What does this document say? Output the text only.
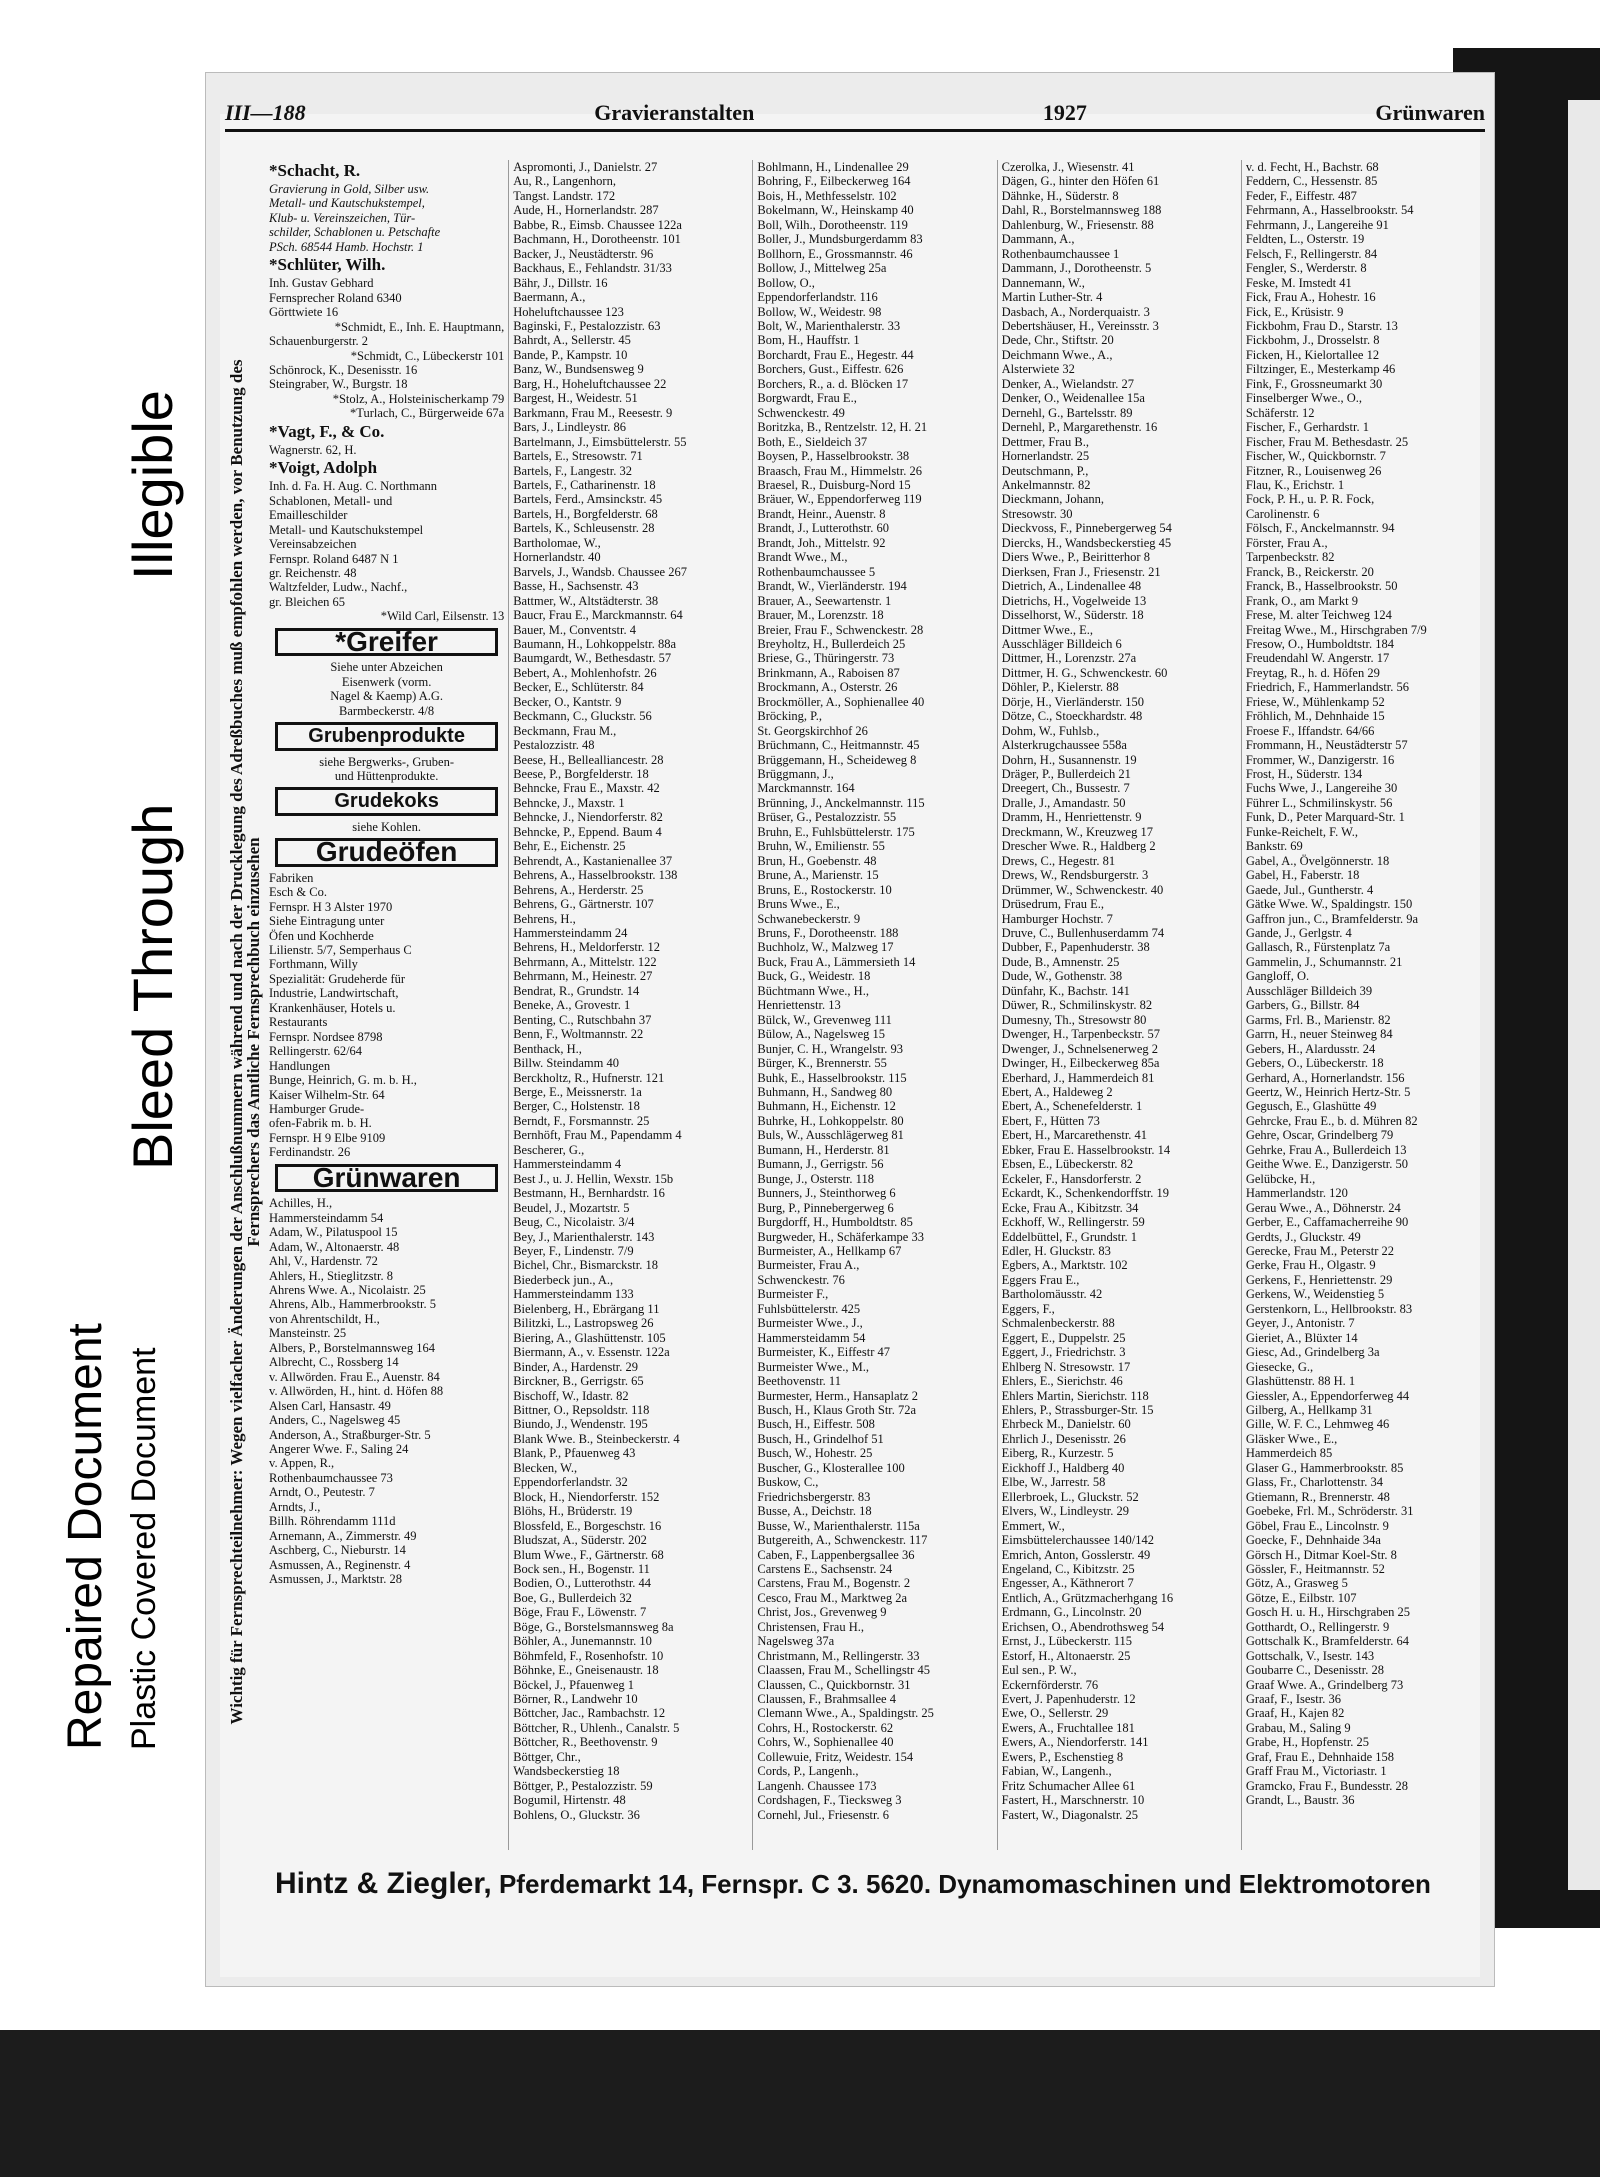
Repaired Document Plastic Covered Document
Bleed Through
Illegible
III—188	Gravieranstalten	1927	Grünwaren
Wichtig für Fernsprechteilnehmer: Wegen vielfacher Änderungen der Anschlußnummern während und nach der Drucklegung des Adreßbuches muß empfohlen werden, vor Benutzung des Fernsprechers das Amtliche Fernsprechbuch einzusehen
*Schacht, R.
Gravierung in Gold, Silber usw.
Metall- und Kautschukstempel,
Klub- u. Vereinszeichen, Tür-
schilder, Schablonen u. Petschafte
PSch. 68544 Hamb. Hochstr. 1
*Schlüter, Wilh.
Inh. Gustav Gebhard
Fernsprecher Roland 6340
Görttwiete 16
*Schmidt, E., Inh. E. Hauptmann,
Schauenburgerstr. 2
*Schmidt, C., Lübeckerstr 101
Schönrock, K., Desenisstr. 16
Steingraber, W., Burgstr. 18
*Stolz, A., Holsteinischerkamp 79
*Turlach, C., Bürgerweide 67a
*Vagt, F., & Co.
Wagnerstr. 62, H.
*Voigt, Adolph
Inh. d. Fa. H. Aug. C. Northmann
Schablonen, Metall- und
Emailleschilder
Metall- und Kautschukstempel
Vereinsabzeichen
Fernspr. Roland 6487 N 1
gr. Reichenstr. 48
Waltzfelder, Ludw., Nachf.,
gr. Bleichen 65
*Wild Carl, Eilsenstr. 13
*Greifer
Siehe unter Abzeichen
Eisenwerk (vorm.
Nagel & Kaemp) A.G.
Barmbeckerstr. 4/8
Grubenprodukte
siehe Bergwerks-, Gruben-
und Hüttenprodukte.
Grudekoks
siehe Kohlen.
Grudeöfen
Fabriken
Esch & Co.
Fernspr. H 3 Alster 1970
Siehe Eintragung unter
Öfen und Kochherde
Lilienstr. 5/7, Semperhaus C
Forthmann, Willy
Spezialität: Grudeherde für
Industrie, Landwirtschaft,
Krankenhäuser, Hotels u.
Restaurants
Fernspr. Nordsee 8798
Rellingerstr. 62/64
Handlungen
Bunge, Heinrich, G. m. b. H.,
Kaiser Wilhelm-Str. 64
Hamburger Grude-
ofen-Fabrik m. b. H.
Fernspr. H 9 Elbe 9109
Ferdinandstr. 26
Grünwaren
Achilles, H.,
Hammersteindamm 54
Adam, W., Pilatuspool 15
Adam, W., Altonaerstr. 48
Ahl, V., Hardenstr. 72
Ahlers, H., Stieglitzstr. 8
Ahrens Wwe. A., Nicolaistr. 25
Ahrens, Alb., Hammerbrookstr. 5
von Ahrentschildt, H.,
Mansteinstr. 25
Albers, P., Borstelmannsweg 164
Albrecht, C., Rossberg 14
v. Allwörden. Frau E., Auenstr. 84
v. Allwörden, H., hint. d. Höfen 88
Alsen Carl, Hansastr. 49
Anders, C., Nagelsweg 45
Anderson, A., Straßburger-Str. 5
Angerer Wwe. F., Saling 24
v. Appen, R.,
Rothenbaumchaussee 73
Arndt, O., Peutestr. 7
Arndts, J.,
Billh. Röhrendamm 111d
Arnemann, A., Zimmerstr. 49
Aschberg, C., Nieburstr. 14
Asmussen, A., Reginenstr. 4
Asmussen, J., Marktstr. 28
Aspromonti, J., Danielstr. 27
Au, R., Langenhorn,
Tangst. Landstr. 172
Aude, H., Hornerlandstr. 287
Babbe, R., Eimsb. Chaussee 122a
Bachmann, H., Dorotheenstr. 101
Backer, J., Neustädterstr. 96
Backhaus, E., Fehlandstr. 31/33
Bähr, J., Dillstr. 16
Baermann, A.,
Hoheluftchaussee 123
Baginski, F., Pestalozzistr. 63
Bahrdt, A., Sellerstr. 45
Bande, P., Kampstr. 10
Banz, W., Bundsensweg 9
Barg, H., Hoheluftchaussee 22
Bargest, H., Weidestr. 51
Barkmann, Frau M., Reesestr. 9
Bars, J., Lindleystr. 86
Bartelmann, J., Eimsbüttelerstr. 55
Bartels, E., Stresowstr. 71
Bartels, F., Langestr. 32
Bartels, F., Catharinenstr. 18
Bartels, Ferd., Amsinckstr. 45
Bartels, H., Borgfelderstr. 68
Bartels, K., Schleusenstr. 28
Bartholomae, W.,
Hornerlandstr. 40
Barvels, J., Wandsb. Chaussee 267
Basse, H., Sachsenstr. 43
Battmer, W., Altstädterstr. 38
Baucr, Frau E., Marckmannstr. 64
Bauer, M., Conventstr. 4
Baumann, H., Lohkoppelstr. 88a
Baumgardt, W., Bethesdastr. 57
Bebert, A., Mohlenhofstr. 26
Becker, E., Schlüterstr. 84
Becker, O., Kantstr. 9
Beckmann, C., Gluckstr. 56
Beckmann, Frau M.,
Pestalozzistr. 48
Beese, H., Bellealliancestr. 28
Beese, P., Borgfelderstr. 18
Behncke, Frau E., Maxstr. 42
Behncke, J., Maxstr. 1
Behncke, J., Niendorferstr. 82
Behncke, P., Eppend. Baum 4
Behr, E., Eichenstr. 25
Behrendt, A., Kastanienallee 37
Behrens, A., Hasselbrookstr. 138
Behrens, A., Herderstr. 25
Behrens, G., Gärtnerstr. 107
Behrens, H.,
Hammersteindamm 24
Behrens, H., Meldorferstr. 12
Behrmann, A., Mittelstr. 122
Behrmann, M., Heinestr. 27
Bendrat, R., Grundstr. 14
Beneke, A., Grovestr. 1
Benting, C., Rutschbahn 37
Benn, F., Woltmannstr. 22
Benthack, H.,
Billw. Steindamm 40
Berckholtz, R., Hufnerstr. 121
Berge, E., Meissnerstr. 1a
Berger, C., Holstenstr. 18
Berndt, F., Forsmannstr. 25
Bernhöft, Frau M., Papendamm 4
Bescherer, G.,
Hammersteindamm 4
Best J., u. J. Hellin, Wexstr. 15b
Bestmann, H., Bernhardstr. 16
Beudel, J., Mozartstr. 5
Beug, C., Nicolaistr. 3/4
Bey, J., Marienthalerstr. 143
Beyer, F., Lindenstr. 7/9
Bichel, Chr., Bismarckstr. 18
Biederbeck jun., A.,
Hammersteindamm 133
Bielenberg, H., Ebrärgang 11
Bilitzki, L., Lastropsweg 26
Biering, A., Glashüttenstr. 105
Biermann, A., v. Essenstr. 122a
Binder, A., Hardenstr. 29
Birckner, B., Gerrigstr. 65
Bischoff, W., Idastr. 82
Bittner, O., Repsoldstr. 118
Biundo, J., Wendenstr. 195
Blank Wwe. B., Steinbeckerstr. 4
Blank, P., Pfauenweg 43
Blecken, W.,
Eppendorferlandstr. 32
Block, H., Niendorferstr. 152
Blöhs, H., Brüderstr. 19
Blossfeld, E., Borgeschstr. 16
Bludszat, A., Süderstr. 202
Blum Wwe., F., Gärtnerstr. 68
Bock sen., H., Bogenstr. 11
Bodien, O., Lutterothstr. 44
Boe, G., Bullerdeich 32
Böge, Frau F., Löwenstr. 7
Böge, G., Borstelsmannsweg 8a
Böhler, A., Junemannstr. 10
Böhmfeld, F., Rosenhofstr. 10
Böhnke, E., Gneisenaustr. 18
Böckel, J., Pfauenweg 1
Börner, R., Landwehr 10
Böttcher, Jac., Rambachstr. 12
Böttcher, R., Uhlenh., Canalstr. 5
Böttcher, R., Beethovenstr. 9
Böttger, Chr.,
Wandsbeckerstieg 18
Böttger, P., Pestalozzistr. 59
Bogumil, Hirtenstr. 48
Bohlens, O., Gluckstr. 36
Bohlmann, H., Lindenallee 29
Bohring, F., Eilbeckerweg 164
Bois, H., Methfesselstr. 102
Bokelmann, W., Heinskamp 40
Boll, Wilh., Dorotheenstr. 119
Boller, J., Mundsburgerdamm 83
Bollhorn, E., Grossmannstr. 46
Bollow, J., Mittelweg 25a
Bollow, O.,
Eppendorferlandstr. 116
Bollow, W., Weidestr. 98
Bolt, W., Marienthalerstr. 33
Bom, H., Hauffstr. 1
Borchardt, Frau E., Hegestr. 44
Borchers, Gust., Eiffestr. 626
Borchers, R., a. d. Blöcken 17
Borgwardt, Frau E.,
Schwenckestr. 49
Boritzka, B., Rentzelstr. 12, H. 21
Both, E., Sieldeich 37
Boysen, P., Hasselbrookstr. 38
Braasch, Frau M., Himmelstr. 26
Braesel, R., Duisburg-Nord 15
Bräuer, W., Eppendorferweg 119
Brandt, Heinr., Auenstr. 8
Brandt, J., Lutterothstr. 60
Brandt, Joh., Mittelstr. 92
Brandt Wwe., M.,
Rothenbaumchaussee 5
Brandt, W., Vierländerstr. 194
Brauer, A., Seewartenstr. 1
Brauer, M., Lorenzstr. 18
Breier, Frau F., Schwenckestr. 28
Breyholtz, H., Bullerdeich 25
Briese, G., Thüringerstr. 73
Brinkmann, A., Raboisen 87
Brockmann, A., Osterstr. 26
Brockmöller, A., Sophienallee 40
Bröcking, P.,
St. Georgskirchhof 26
Brüchmann, C., Heitmannstr. 45
Brüggemann, H., Scheideweg 8
Brüggmann, J.,
Marckmannstr. 164
Brünning, J., Anckelmannstr. 115
Brüser, G., Pestalozzistr. 55
Bruhn, E., Fuhlsbüttelerstr. 175
Bruhn, W., Emilienstr. 55
Brun, H., Goebenstr. 48
Brune, A., Marienstr. 15
Bruns, E., Rostockerstr. 10
Bruns Wwe., E.,
Schwanebeckerstr. 9
Bruns, F., Dorotheenstr. 188
Buchholz, W., Malzweg 17
Buck, Frau A., Lämmersieth 14
Buck, G., Weidestr. 18
Büchtmann Wwe., H.,
Henriettenstr. 13
Bülck, W., Grevenweg 111
Bülow, A., Nagelsweg 15
Bunjer, C. H., Wrangelstr. 93
Bürger, K., Brennerstr. 55
Buhk, E., Hasselbrookstr. 115
Buhmann, H., Sandweg 80
Buhmann, H., Eichenstr. 12
Buhrke, H., Lohkoppelstr. 80
Buls, W., Ausschlägerweg 81
Bumann, H., Herderstr. 81
Bumann, J., Gerrigstr. 56
Bunge, J., Osterstr. 118
Bunners, J., Steinthorweg 6
Burg, P., Pinnebergerweg 6
Burgdorff, H., Humboldtstr. 85
Burgweder, H., Schäferkampe 33
Burmeister, A., Hellkamp 67
Burmeister, Frau A.,
Schwenckestr. 76
Burmeister F.,
Fuhlsbüttelerstr. 425
Burmeister Wwe., J.,
Hammersteidamm 54
Burmeister, K., Eiffestr 47
Burmeister Wwe., M.,
Beethovenstr. 11
Burmester, Herm., Hansaplatz 2
Busch, H., Klaus Groth Str. 72a
Busch, H., Eiffestr. 508
Busch, H., Grindelhof 51
Busch, W., Hohestr. 25
Buscher, G., Klosterallee 100
Buskow, C.,
Friedrichsbergerstr. 83
Busse, A., Deichstr. 18
Busse, W., Marienthalerstr. 115a
Butgereith, A., Schwenckestr. 117
Caben, F., Lappenbergsallee 36
Carstens E., Sachsenstr. 24
Carstens, Frau M., Bogenstr. 2
Cesco, Frau M., Marktweg 2a
Christ, Jos., Grevenweg 9
Christensen, Frau H.,
Nagelsweg 37a
Christmann, M., Rellingerstr. 33
Claassen, Frau M., Schellingstr 45
Claussen, C., Quickbornstr. 31
Claussen, F., Brahmsallee 4
Clemann Wwe., A., Spaldingstr. 25
Cohrs, H., Rostockerstr. 62
Cohrs, W., Sophienallee 40
Collewuie, Fritz, Weidestr. 154
Cords, P., Langenh.,
Langenh. Chaussee 173
Cordshagen, F., Tiecksweg 3
Cornehl, Jul., Friesenstr. 6
Czerolka, J., Wiesenstr. 41
Dägen, G., hinter den Höfen 61
Dähnke, H., Süderstr. 8
Dahl, R., Borstelmannsweg 188
Dahlenburg, W., Friesenstr. 88
Dammann, A.,
Rothenbaumchaussee 1
Dammann, J., Dorotheenstr. 5
Dannemann, W.,
Martin Luther-Str. 4
Dasbach, A., Norderquaistr. 3
Debertshäuser, H., Vereinsstr. 3
Dede, Chr., Stiftstr. 20
Deichmann Wwe., A.,
Alsterwiete 32
Denker, A., Wielandstr. 27
Denker, O., Weidenallee 15a
Dernehl, G., Bartelsstr. 89
Dernehl, P., Margarethenstr. 16
Dettmer, Frau B.,
Hornerlandstr. 25
Deutschmann, P.,
Ankelmannstr. 82
Dieckmann, Johann,
Stresowstr. 30
Dieckvoss, F., Pinnebergerweg 54
Diercks, H., Wandsbeckerstieg 45
Diers Wwe., P., Beiritterhor 8
Dierksen, Fran J., Friesenstr. 21
Dietrich, A., Lindenallee 48
Dietrichs, H., Vogelweide 13
Disselhorst, W., Süderstr. 18
Dittmer Wwe., E.,
Ausschläger Billdeich 6
Dittmer, H., Lorenzstr. 27a
Dittmer, H. G., Schwenckestr. 60
Döhler, P., Kielerstr. 88
Dörje, H., Vierländerstr. 150
Dötze, C., Stoeckhardstr. 48
Dohm, W., Fuhlsb.,
Alsterkrugchaussee 558a
Dohrn, H., Susannenstr. 19
Dräger, P., Bullerdeich 21
Dreegert, Ch., Bussestr. 7
Dralle, J., Amandastr. 50
Dramm, H., Henriettenstr. 9
Dreckmann, W., Kreuzweg 17
Drescher Wwe. R., Haldberg 2
Drews, C., Hegestr. 81
Drews, W., Rendsburgerstr. 3
Drümmer, W., Schwenckestr. 40
Drüsedrum, Frau E.,
Hamburger Hochstr. 7
Druve, C., Bullenhuserdamm 74
Dubber, F., Papenhuderstr. 38
Dude, B., Amnenstr. 25
Dude, W., Gothenstr. 38
Dünfahr, K., Bachstr. 141
Düwer, R., Schmilinskystr. 82
Dumesny, Th., Stresowstr 80
Dwenger, H., Tarpenbeckstr. 57
Dwenger, J., Schnelsenerweg 2
Dwinger, H., Eilbeckerweg 85a
Eberhard, J., Hammerdeich 81
Ebert, A., Haldeweg 2
Ebert, A., Schenefelderstr. 1
Ebert, F., Hütten 73
Ebert, H., Marcarethenstr. 41
Ebker, Frau E. Hasselbrookstr. 14
Ebsen, E., Lübeckerstr. 82
Eckeler, F., Hansdorferstr. 2
Eckardt, K., Schenkendorffstr. 19
Ecke, Frau A., Kibitzstr. 34
Eckhoff, W., Rellingerstr. 59
Eddelbüttel, F., Grundstr. 1
Edler, H. Gluckstr. 83
Egbers, A., Marktstr. 102
Eggers Frau E.,
Bartholomäusstr. 42
Eggers, F.,
Schmalenbeckerstr. 88
Eggert, E., Duppelstr. 25
Eggert, J., Friedrichstr. 3
Ehlberg N. Stresowstr. 17
Ehlers, E., Sierichstr. 46
Ehlers Martin, Sierichstr. 118
Ehlers, P., Strassburger-Str. 15
Ehrbeck M., Danielstr. 60
Ehrlich J., Desenisstr. 26
Eiberg, R., Kurzestr. 5
Eickhoff J., Haldberg 40
Elbe, W., Jarrestr. 58
Ellerbroek, L., Gluckstr. 52
Elvers, W., Lindleystr. 29
Emmert, W.,
Eimsbüttelerchaussee 140/142
Emrich, Anton, Gosslerstr. 49
Engeland, C., Kibitzstr. 25
Engesser, A., Käthnerort 7
Entlich, A., Grützmacherhgang 16
Erdmann, G., Lincolnstr. 20
Erichsen, O., Abendrothsweg 54
Ernst, J., Lübeckerstr. 115
Estorf, H., Altonaerstr. 25
Eul sen., P. W.,
Eckernförderstr. 76
Evert, J. Papenhuderstr. 12
Ewe, O., Sellerstr. 29
Ewers, A., Fruchtallee 181
Ewers, A., Niendorferstr. 141
Ewers, P., Eschenstieg 8
Fabian, W., Langenh.,
Fritz Schumacher Allee 61
Fastert, H., Marschnerstr. 10
Fastert, W., Diagonalstr. 25
v. d. Fecht, H., Bachstr. 68
Feddern, C., Hessenstr. 85
Feder, F., Eiffestr. 487
Fehrmann, A., Hasselbrookstr. 54
Fehrmann, J., Langereihe 91
Feldten, L., Osterstr. 19
Felsch, F., Rellingerstr. 84
Fengler, S., Werderstr. 8
Feske, M. Imstedt 41
Fick, Frau A., Hohestr. 16
Fick, E., Krüsistr. 9
Fickbohm, Frau D., Starstr. 13
Fickbohm, J., Drosselstr. 8
Ficken, H., Kielortallee 12
Filtzinger, E., Mesterkamp 46
Fink, F., Grossneumarkt 30
Finselberger Wwe., O.,
Schäferstr. 12
Fischer, F., Gerhardstr. 1
Fischer, Frau M. Bethesdastr. 25
Fischer, W., Quickbornstr. 7
Fitzner, R., Louisenweg 26
Flau, K., Erichstr. 1
Fock, P. H., u. P. R. Fock,
Carolinenstr. 6
Fölsch, F., Anckelmannstr. 94
Förster, Frau A.,
Tarpenbeckstr. 82
Franck, B., Reickerstr. 20
Franck, B., Hasselbrookstr. 50
Frank, O., am Markt 9
Frese, M. alter Teichweg 124
Freitag Wwe., M., Hirschgraben 7/9
Fresow, O., Humboldtstr. 184
Freudendahl W. Angerstr. 17
Freytag, R., h. d. Höfen 29
Friedrich, F., Hammerlandstr. 56
Friese, W., Mühlenkamp 52
Fröhlich, M., Dehnhaide 15
Froese F., Iffandstr. 64/66
Frommann, H., Neustädterstr 57
Frommer, W., Danzigerstr. 16
Frost, H., Süderstr. 134
Fuchs Wwe, J., Langereihe 30
Führer L., Schmilinskystr. 56
Funk, D., Peter Marquard-Str. 1
Funke-Reichelt, F. W.,
Bankstr. 69
Gabel, A., Övelgönnerstr. 18
Gabel, H., Faberstr. 18
Gaede, Jul., Guntherstr. 4
Gätke Wwe. W., Spaldingstr. 150
Gaffron jun., C., Bramfelderstr. 9a
Gande, J., Gerlgstr. 4
Gallasch, R., Fürstenplatz 7a
Gammelin, J., Schumannstr. 21
Gangloff, O.
Ausschläger Billdeich 39
Garbers, G., Billstr. 84
Garms, Frl. B., Marienstr. 82
Garrn, H., neuer Steinweg 84
Gebers, H., Alardusstr. 24
Gebers, O., Lübeckerstr. 18
Gerhard, A., Hornerlandstr. 156
Geertz, W., Heinrich Hertz-Str. 5
Gegusch, E., Glashütte 49
Gehrcke, Frau E., b. d. Mühren 82
Gehre, Oscar, Grindelberg 79
Gehrke, Frau A., Bullerdeich 13
Geithe Wwe. E., Danzigerstr. 50
Gelübcke, H.,
Hammerlandstr. 120
Gerau Wwe., A., Döhnerstr. 24
Gerber, E., Caffamacherreihe 90
Gerdts, J., Gluckstr. 49
Gerecke, Frau M., Peterstr 22
Gerke, Frau H., Olgastr. 9
Gerkens, F., Henriettenstr. 29
Gerkens, W., Weidenstieg 5
Gerstenkorn, L., Hellbrookstr. 83
Geyer, J., Antonistr. 7
Gieriet, A., Blüxter 14
Giesc, Ad., Grindelberg 3a
Giesecke, G.,
Glashüttenstr. 88 H. 1
Giessler, A., Eppendorferweg 44
Gilberg, A., Hellkamp 31
Gille, W. F. C., Lehmweg 46
Gläsker Wwe., E.,
Hammerdeich 85
Glaser G., Hammerbrookstr. 85
Glass, Fr., Charlottenstr. 34
Gtiemann, R., Brennerstr. 48
Goebeke, Frl. M., Schröderstr. 31
Göbel, Frau E., Lincolnstr. 9
Goecke, F., Dehnhaide 34a
Görsch H., Ditmar Koel-Str. 8
Gössler, F., Heitmannstr. 52
Götz, A., Grasweg 5
Götze, E., Eilbstr. 107
Gosch H. u. H., Hirschgraben 25
Gotthardt, O., Rellingerstr. 9
Gottschalk K., Bramfelderstr. 64
Gottschalk, V., Isestr. 143
Goubarre C., Desenisstr. 28
Graaf Wwe. A., Grindelberg 73
Graaf, F., Isestr. 36
Graaf, H., Kajen 82
Grabau, M., Saling 9
Grabe, H., Hopfenstr. 25
Graf, Frau E., Dehnhaide 158
Graff Frau M., Victoriastr. 1
Gramcko, Frau F., Bundesstr. 28
Grandt, L., Baustr. 36
Hintz & Ziegler, Pferdemarkt 14, Fernspr. C 3. 5620. Dynamomaschinen und Elektromotoren
